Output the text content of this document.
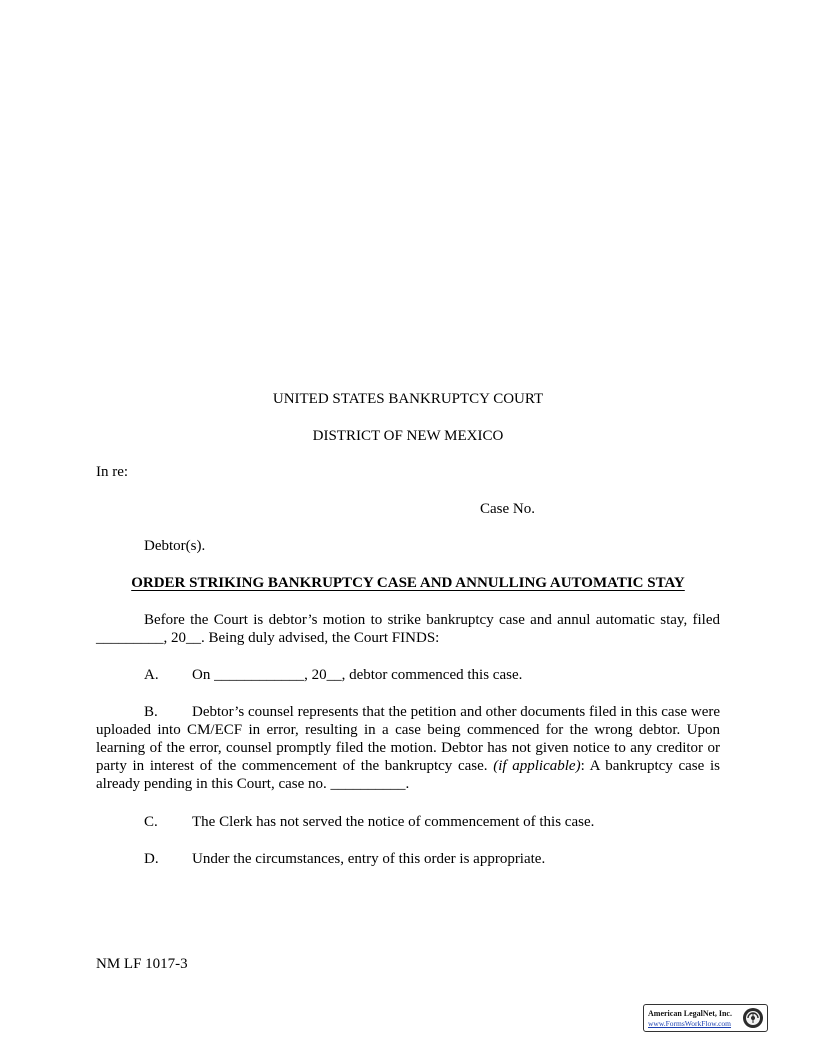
UNITED STATES BANKRUPTCY COURT
DISTRICT OF NEW MEXICO
In re:
Case No.
Debtor(s).
ORDER STRIKING BANKRUPTCY CASE AND ANNULLING AUTOMATIC STAY
Before the Court is debtor’s motion to strike bankruptcy case and annul automatic stay, filed _________, 20__. Being duly advised, the Court FINDS:
A. On ____________, 20__, debtor commenced this case.
B. Debtor’s counsel represents that the petition and other documents filed in this case were uploaded into CM/ECF in error, resulting in a case being commenced for the wrong debtor. Upon learning of the error, counsel promptly filed the motion. Debtor has not given notice to any creditor or party in interest of the commencement of the bankruptcy case. (if applicable): A bankruptcy case is already pending in this Court, case no. __________.
C. The Clerk has not served the notice of commencement of this case.
D. Under the circumstances, entry of this order is appropriate.
NM LF 1017-3
American LegalNet, Inc.
www.FormsWorkFlow.com
